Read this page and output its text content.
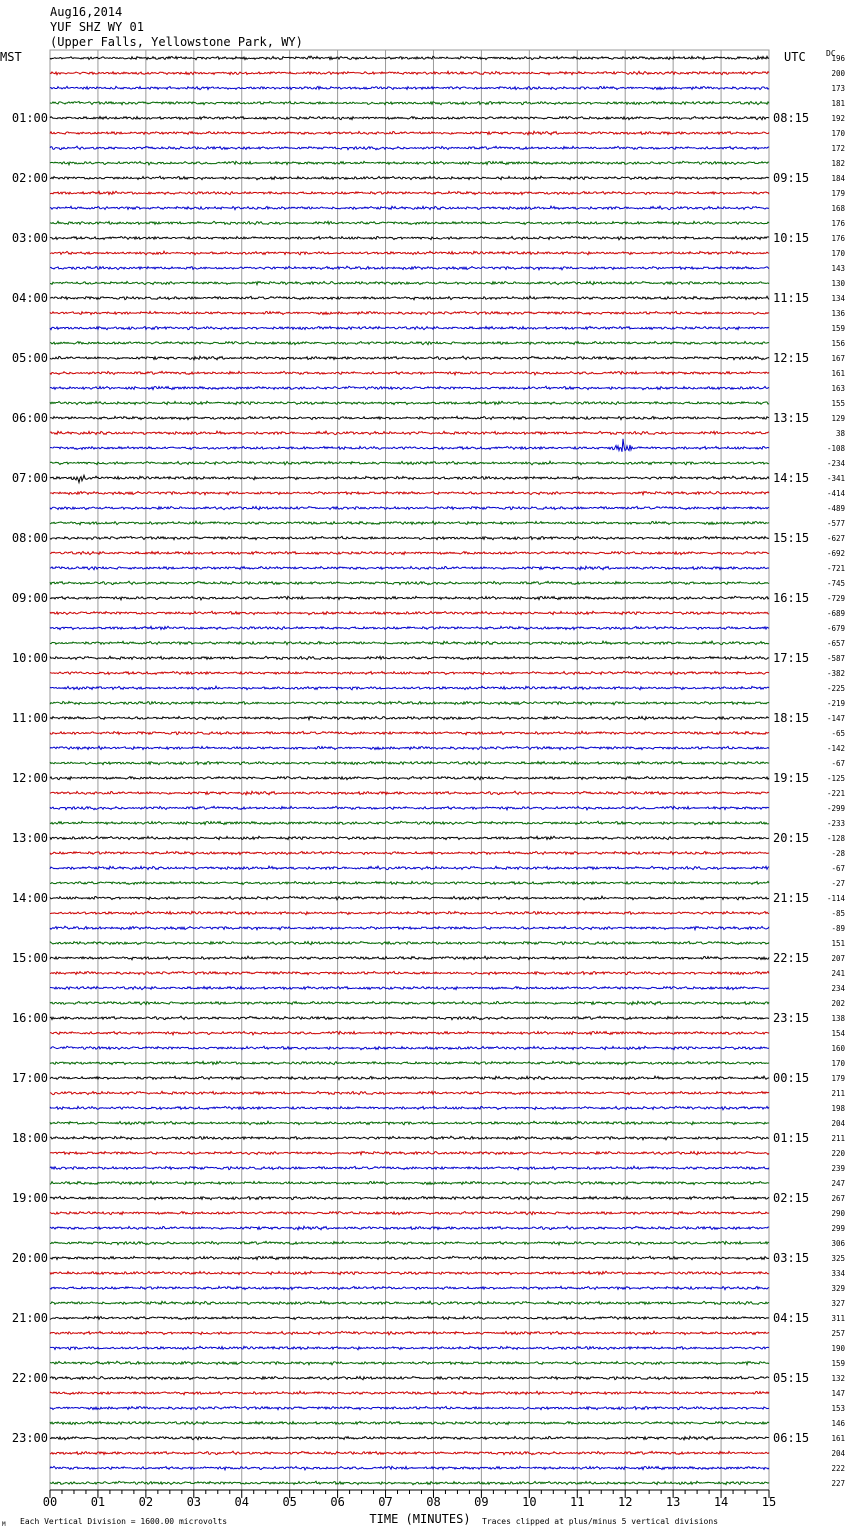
00	01	02	03	04	05	06	07	08	09	10	11	12	13	14	15
196
200
173
181
192
170
172
182
184
179
168
176
176
170
143
130
134
136
159
156
167
161
163
155
129
38
-108
-234
-341
-414
-489
-577
-627
-692
-721
-745
-729
-689
-679
-657
-587
-382
-225
-219
-147
-65
-142
-67
-125
-221
-299
-233
-128
-28
-67
-27
-114
-85
-89
151
207
241
234
202
138
154
160
170
179
211
198
204
211
220
239
247
267
290
299
306
325
334
329
327
311
257
190
159
132
147
153
146
161
204
222
227
01:00
02:00
03:00
04:00
05:00
06:00
07:00
08:00
09:00
10:00
11:00
12:00
13:00
14:00
15:00
16:00
17:00
18:00
19:00
20:00
21:00
22:00
23:00
08:15
09:15
10:15
11:15
12:15
13:15
14:15
15:15
16:15
17:15
18:15
19:15
20:15
21:15
22:15
23:15
00:15
01:15
02:15
03:15
04:15
05:15
06:15
Aug16,2014
YUF SHZ WY 01
(Upper Falls, Yellowstone Park, WY)
MST	UTC	DC
TIME (MINUTES)
Each Vertical Division = 1600.00 microvolts	Traces clipped at plus/minus 5 vertical divisions
M
